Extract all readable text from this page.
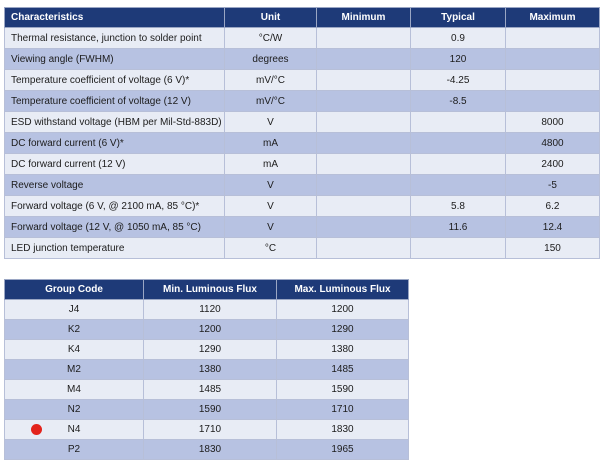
Characteristics	Unit	Minimum	Typical	Maximum
Thermal resistance, junction to solder point	°C/W		0.9	
Viewing angle (FWHM)	degrees		120	
Temperature coefficient of voltage (6 V)*	mV/°C		-4.25	
Temperature coefficient of voltage (12 V)	mV/°C		-8.5	
ESD withstand voltage (HBM per Mil-Std-883D)	V			8000
DC forward current (6 V)*	mA			4800
DC forward current (12 V)	mA			2400
Reverse voltage	V			-5
Forward voltage (6 V, @ 2100 mA, 85 °C)*	V		5.8	6.2
Forward voltage (12 V, @ 1050 mA, 85 °C)	V		11.6	12.4
LED junction temperature	°C			150
Group Code	Min. Luminous Flux	Max. Luminous Flux
J4	1120	1200
K2	1200	1290
K4	1290	1380
M2	1380	1485
M4	1485	1590
N2	1590	1710

N4	1710	1830
P2	1830	1965
